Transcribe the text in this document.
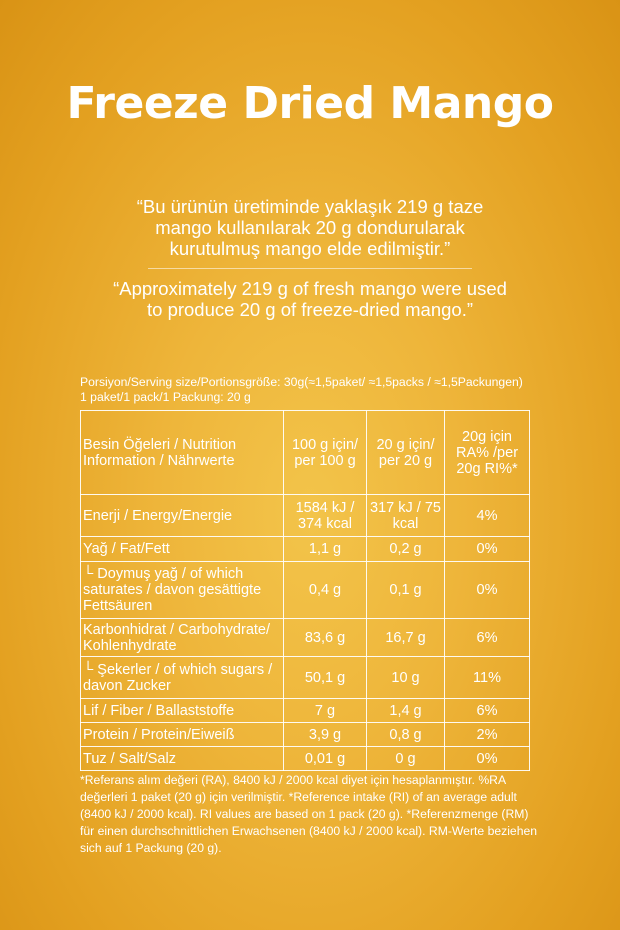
Freeze Dried Mango
“Bu ürünün üretiminde yaklaşık 219 g taze mango kullanılarak 20 g dondurularak kurutulmuş mango elde edilmiştir.”
“Approximately 219 g of fresh mango were used to produce 20 g of freeze-dried mango.”
Porsiyon/Serving size/Portionsgröße: 30g(≈1,5paket/ ≈1,5packs / ≈1,5Packungen)
1 paket/1 pack/1 Packung: 20 g
Besin Öğeleri / Nutrition Information / Nährwerte	100 g için/ per 100 g	20 g için/ per 20 g	20g için RA% /per 20g RI%*
Enerji / Energy/Energie	1584 kJ / 374 kcal	317 kJ / 75 kcal	4%
Yağ / Fat/Fett	1,1 g	0,2 g	0%
└ Doymuş yağ / of which saturates / davon gesättigte Fettsäuren	0,4 g	0,1 g	0%
Karbonhidrat / Carbohydrate/ Kohlenhydrate	83,6 g	16,7 g	6%
└ Şekerler / of which sugars / davon Zucker	50,1 g	10 g	11%
Lif / Fiber / Ballaststoffe	7 g	1,4 g	6%
Protein / Protein/Eiweiß	3,9 g	0,8 g	2%
Tuz / Salt/Salz	0,01 g	0 g	0%
*Referans alım değeri (RA), 8400 kJ / 2000 kcal diyet için hesaplanmıştır. %RA değerleri 1 paket (20 g) için verilmiştir. *Reference intake (RI) of an average adult (8400 kJ / 2000 kcal). RI values are based on 1 pack (20 g). *Referenzmenge (RM) für einen durchschnittlichen Erwachsenen (8400 kJ / 2000 kcal). RM-Werte beziehen sich auf 1 Packung (20 g).
